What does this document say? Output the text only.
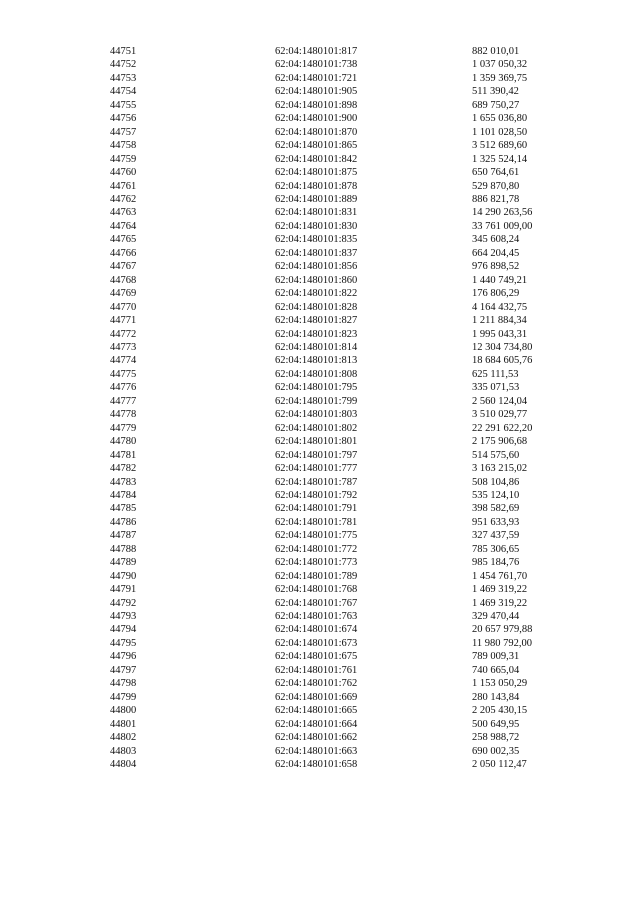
44751	62:04:1480101:817	882 010,01
44752	62:04:1480101:738	1 037 050,32
44753	62:04:1480101:721	1 359 369,75
44754	62:04:1480101:905	511 390,42
44755	62:04:1480101:898	689 750,27
44756	62:04:1480101:900	1 655 036,80
44757	62:04:1480101:870	1 101 028,50
44758	62:04:1480101:865	3 512 689,60
44759	62:04:1480101:842	1 325 524,14
44760	62:04:1480101:875	650 764,61
44761	62:04:1480101:878	529 870,80
44762	62:04:1480101:889	886 821,78
44763	62:04:1480101:831	14 290 263,56
44764	62:04:1480101:830	33 761 009,00
44765	62:04:1480101:835	345 608,24
44766	62:04:1480101:837	664 204,45
44767	62:04:1480101:856	976 898,52
44768	62:04:1480101:860	1 440 749,21
44769	62:04:1480101:822	176 806,29
44770	62:04:1480101:828	4 164 432,75
44771	62:04:1480101:827	1 211 884,34
44772	62:04:1480101:823	1 995 043,31
44773	62:04:1480101:814	12 304 734,80
44774	62:04:1480101:813	18 684 605,76
44775	62:04:1480101:808	625 111,53
44776	62:04:1480101:795	335 071,53
44777	62:04:1480101:799	2 560 124,04
44778	62:04:1480101:803	3 510 029,77
44779	62:04:1480101:802	22 291 622,20
44780	62:04:1480101:801	2 175 906,68
44781	62:04:1480101:797	514 575,60
44782	62:04:1480101:777	3 163 215,02
44783	62:04:1480101:787	508 104,86
44784	62:04:1480101:792	535 124,10
44785	62:04:1480101:791	398 582,69
44786	62:04:1480101:781	951 633,93
44787	62:04:1480101:775	327 437,59
44788	62:04:1480101:772	785 306,65
44789	62:04:1480101:773	985 184,76
44790	62:04:1480101:789	1 454 761,70
44791	62:04:1480101:768	1 469 319,22
44792	62:04:1480101:767	1 469 319,22
44793	62:04:1480101:763	329 470,44
44794	62:04:1480101:674	20 657 979,88
44795	62:04:1480101:673	11 980 792,00
44796	62:04:1480101:675	789 009,31
44797	62:04:1480101:761	740 665,04
44798	62:04:1480101:762	1 153 050,29
44799	62:04:1480101:669	280 143,84
44800	62:04:1480101:665	2 205 430,15
44801	62:04:1480101:664	500 649,95
44802	62:04:1480101:662	258 988,72
44803	62:04:1480101:663	690 002,35
44804	62:04:1480101:658	2 050 112,47
